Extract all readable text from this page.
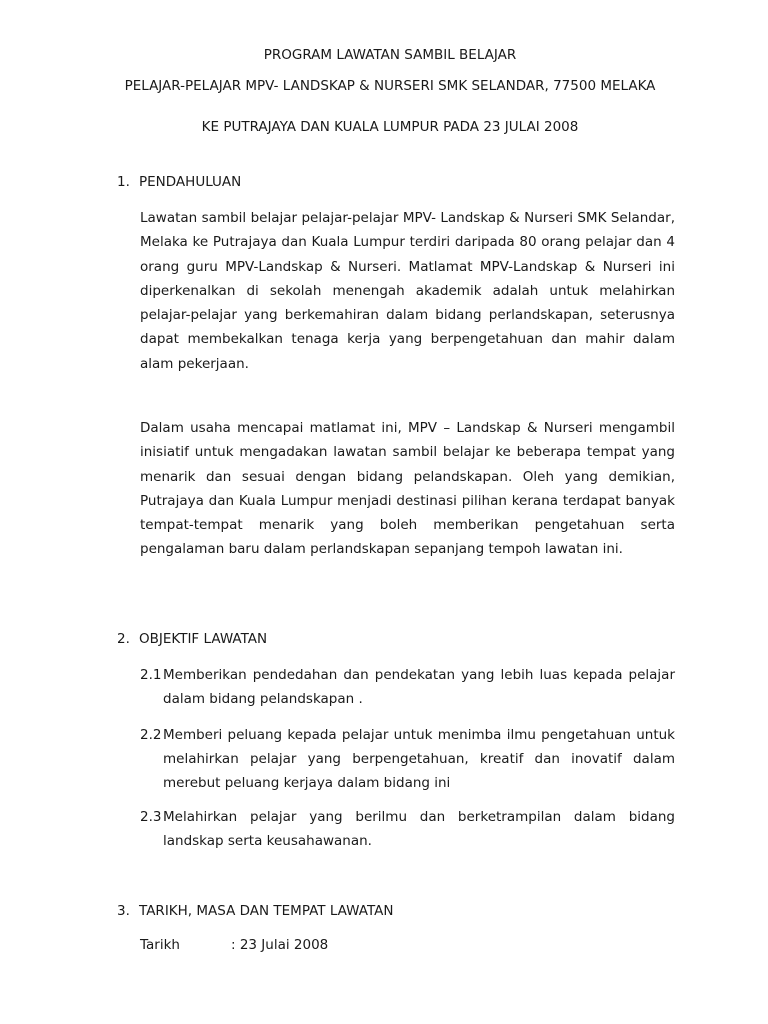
PROGRAM LAWATAN SAMBIL BELAJAR
PELAJAR-PELAJAR MPV- LANDSKAP & NURSERI SMK SELANDAR, 77500 MELAKA
KE PUTRAJAYA DAN KUALA LUMPUR PADA 23 JULAI 2008
1. PENDAHULUAN

Lawatan sambil belajar pelajar-pelajar MPV- Landskap & Nurseri SMK Selandar, Melaka ke Putrajaya dan Kuala Lumpur terdiri daripada 80 orang pelajar dan 4 orang guru MPV-Landskap & Nurseri. Matlamat MPV-Landskap & Nurseri ini diperkenalkan di sekolah menengah akademik adalah untuk melahirkan pelajar-pelajar yang berkemahiran dalam bidang perlandskapan, seterusnya dapat membekalkan tenaga kerja yang berpengetahuan dan mahir dalam alam pekerjaan.

Dalam usaha mencapai matlamat ini, MPV – Landskap & Nurseri mengambil inisiatif untuk mengadakan lawatan sambil belajar ke beberapa tempat yang menarik dan sesuai dengan bidang pelandskapan. Oleh yang demikian, Putrajaya dan Kuala Lumpur menjadi destinasi pilihan kerana terdapat banyak tempat-tempat menarik yang boleh memberikan pengetahuan serta pengalaman baru dalam perlandskapan sepanjang tempoh lawatan ini.

2. OBJEKTIF LAWATAN

2.1 Memberikan pendedahan dan pendekatan yang lebih luas kepada pelajar dalam bidang pelandskapan .

2.2 Memberi peluang kepada pelajar untuk menimba ilmu pengetahuan untuk melahirkan pelajar yang berpengetahuan, kreatif dan inovatif dalam merebut peluang kerjaya dalam bidang ini

2.3 Melahirkan pelajar yang berilmu dan berketrampilan dalam bidang landskap serta keusahawanan.

3. TARIKH, MASA DAN TEMPAT LAWATAN

Tarikh	: 23 Julai 2008
